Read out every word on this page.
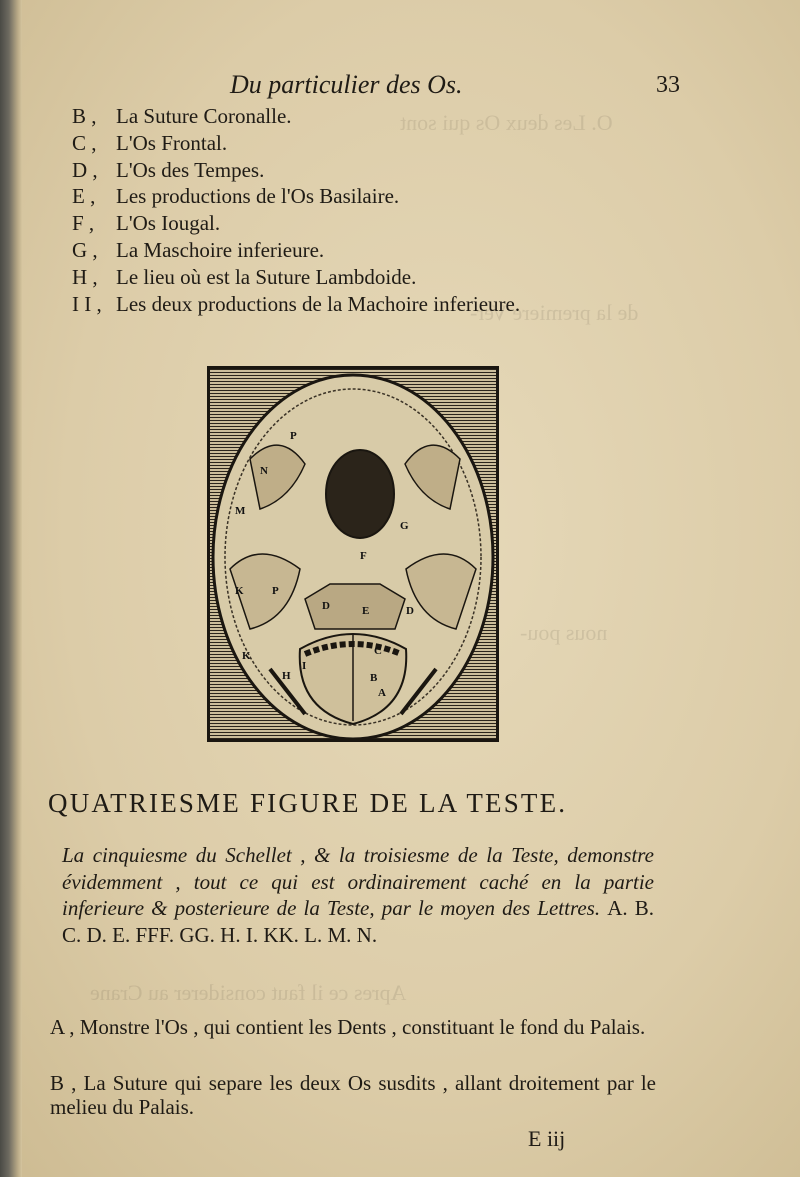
O. Les deux Os qui sont
de la premiere Ver-
nous pou-
Apres ce il faut considerer au Crane
Du particulier des Os.	33
B , La Suture Coronalle.
C , L'Os Frontal.
D , L'Os des Tempes.
E , Les productions de l'Os Basilaire.
F ,	L'Os Iougal.
G , La Maschoire inferieure.
H , Le lieu où est la Suture Lambdoide.
I I , Les deux productions de la Machoire inferieure.
P
N
M
G
F
K	P
D	E	D
C
K
H
I
B
A
QUATRIESME FIGURE DE LA TESTE.
La cinquiesme du Schellet , & la troisiesme de la Teste, demonstre évidemment , tout ce qui est ordinairement caché en la partie inferieure & posterieure de la Teste, par le moyen des Lettres. A. B. C. D. E. FFF. GG. H. I. KK. L. M. N.

A , Monstre l'Os , qui contient les Dents , constituant le fond du Palais.

B , La Suture qui separe les deux Os susdits , allant droitement par le melieu du Palais.

E iij
